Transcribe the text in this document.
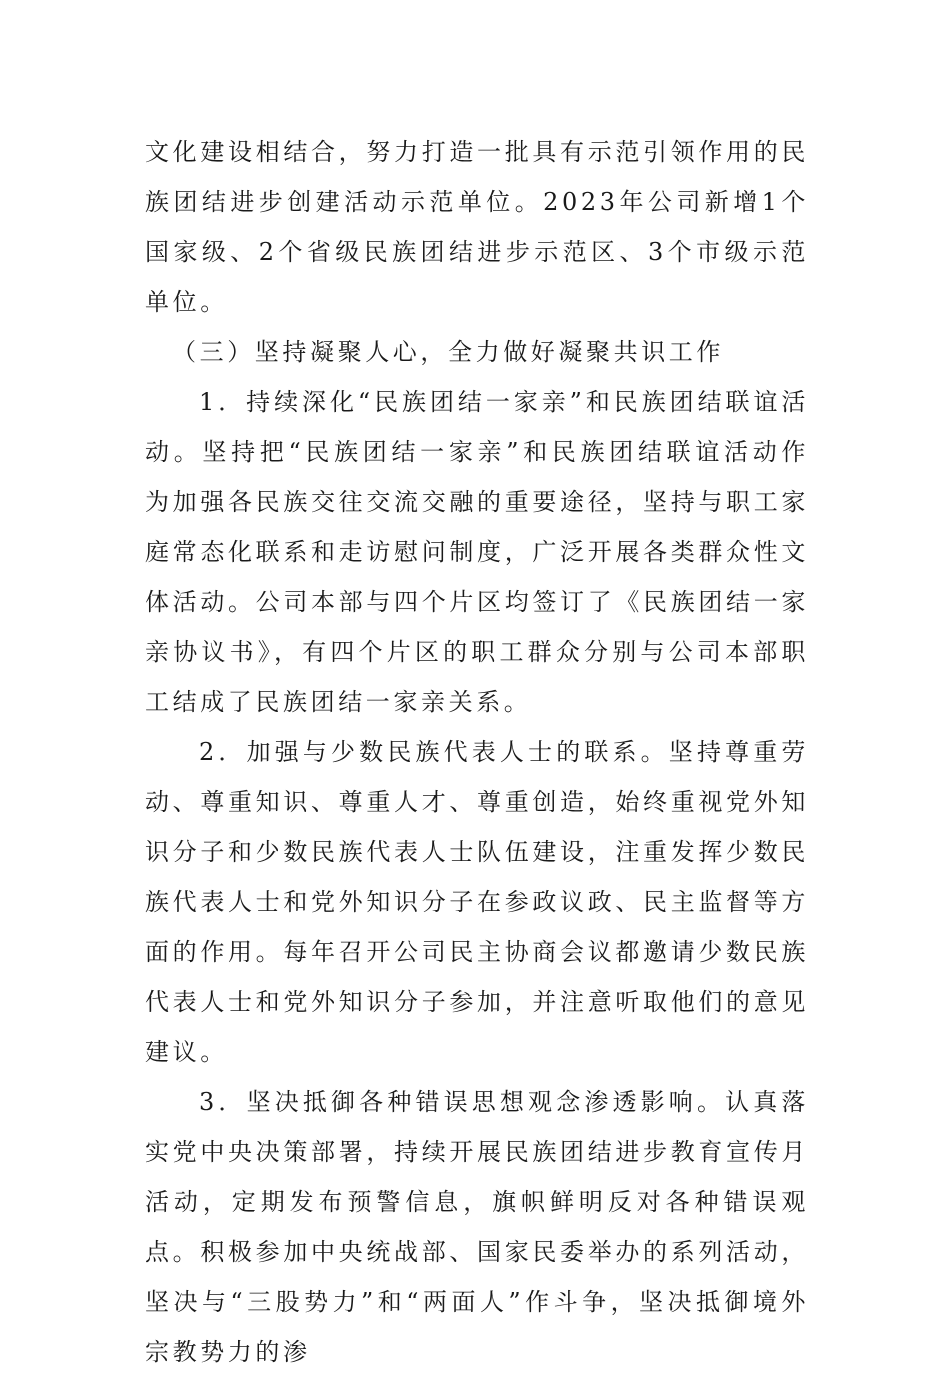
文化建设相结合，努力打造一批具有示范引领作用的民族团结进步创建活动示范单位。2023年公司新增1个国家级、2个省级民族团结进步示范区、3个市级示范单位。

（三）坚持凝聚人心，全力做好凝聚共识工作

1．持续深化“民族团结一家亲”和民族团结联谊活动。坚持把“民族团结一家亲”和民族团结联谊活动作为加强各民族交往交流交融的重要途径，坚持与职工家庭常态化联系和走访慰问制度，广泛开展各类群众性文体活动。公司本部与四个片区均签订了《民族团结一家亲协议书》，有四个片区的职工群众分别与公司本部职工结成了民族团结一家亲关系。

2．加强与少数民族代表人士的联系。坚持尊重劳动、尊重知识、尊重人才、尊重创造，始终重视党外知识分子和少数民族代表人士队伍建设，注重发挥少数民族代表人士和党外知识分子在参政议政、民主监督等方面的作用。每年召开公司民主协商会议都邀请少数民族代表人士和党外知识分子参加，并注意听取他们的意见建议。

3．坚决抵御各种错误思想观念渗透影响。认真落实党中央决策部署，持续开展民族团结进步教育宣传月活动，定期发布预警信息，旗帜鲜明反对各种错误观点。积极参加中央统战部、国家民委举办的系列活动，坚决与“三股势力”和“两面人”作斗争，坚决抵御境外宗教势力的渗
